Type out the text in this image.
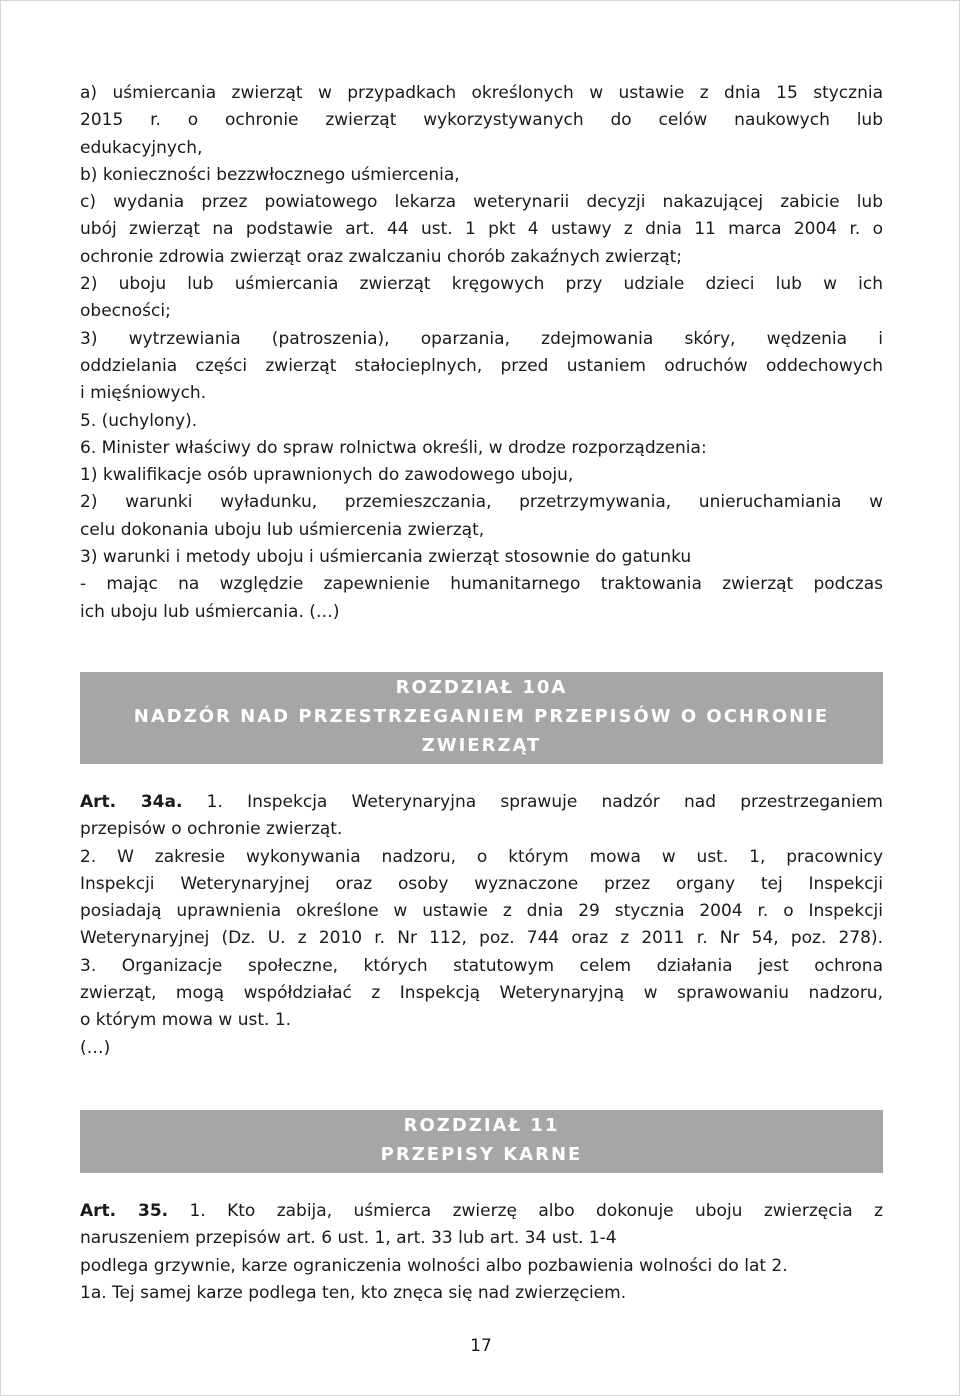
a) uśmiercania zwierząt w przypadkach określonych w ustawie z dnia 15 stycznia
2015 r. o ochronie zwierząt wykorzystywanych do celów naukowych lub
edukacyjnych,
b) konieczności bezzwłocznego uśmiercenia,
c) wydania przez powiatowego lekarza weterynarii decyzji nakazującej zabicie lub
ubój zwierząt na podstawie art. 44 ust. 1 pkt 4 ustawy z dnia 11 marca 2004 r. o
ochronie zdrowia zwierząt oraz zwalczaniu chorób zakaźnych zwierząt;
2) uboju lub uśmiercania zwierząt kręgowych przy udziale dzieci lub w ich
obecności;
3) wytrzewiania (patroszenia), oparzania, zdejmowania skóry, wędzenia i
oddzielania części zwierząt stałocieplnych, przed ustaniem odruchów oddechowych
i mięśniowych.
5. (uchylony).
6. Minister właściwy do spraw rolnictwa określi, w drodze rozporządzenia:
1) kwalifikacje osób uprawnionych do zawodowego uboju,
2) warunki wyładunku, przemieszczania, przetrzymywania, unieruchamiania w
celu dokonania uboju lub uśmiercenia zwierząt,
3) warunki i metody uboju i uśmiercania zwierząt stosownie do gatunku
- mając na względzie zapewnienie humanitarnego traktowania zwierząt podczas
ich uboju lub uśmiercania. (…)
ROZDZIAŁ 10A
NADZÓR NAD PRZESTRZEGANIEM PRZEPISÓW O OCHRONIE
ZWIERZĄT
Art. 34a. 1. Inspekcja Weterynaryjna sprawuje nadzór nad przestrzeganiem
przepisów o ochronie zwierząt.
2. W zakresie wykonywania nadzoru, o którym mowa w ust. 1, pracownicy
Inspekcji Weterynaryjnej oraz osoby wyznaczone przez organy tej Inspekcji
posiadają uprawnienia określone w ustawie z dnia 29 stycznia 2004 r. o Inspekcji
Weterynaryjnej (Dz. U. z 2010 r. Nr 112, poz. 744 oraz z 2011 r. Nr 54, poz. 278).
3. Organizacje społeczne, których statutowym celem działania jest ochrona
zwierząt, mogą współdziałać z Inspekcją Weterynaryjną w sprawowaniu nadzoru,
o którym mowa w ust. 1.
(…)
ROZDZIAŁ 11
PRZEPISY KARNE
Art. 35. 1. Kto zabija, uśmierca zwierzę albo dokonuje uboju zwierzęcia z
naruszeniem przepisów art. 6 ust. 1, art. 33 lub art. 34 ust. 1-4
podlega grzywnie, karze ograniczenia wolności albo pozbawienia wolności do lat 2.
1a. Tej samej karze podlega ten, kto znęca się nad zwierzęciem.
17
